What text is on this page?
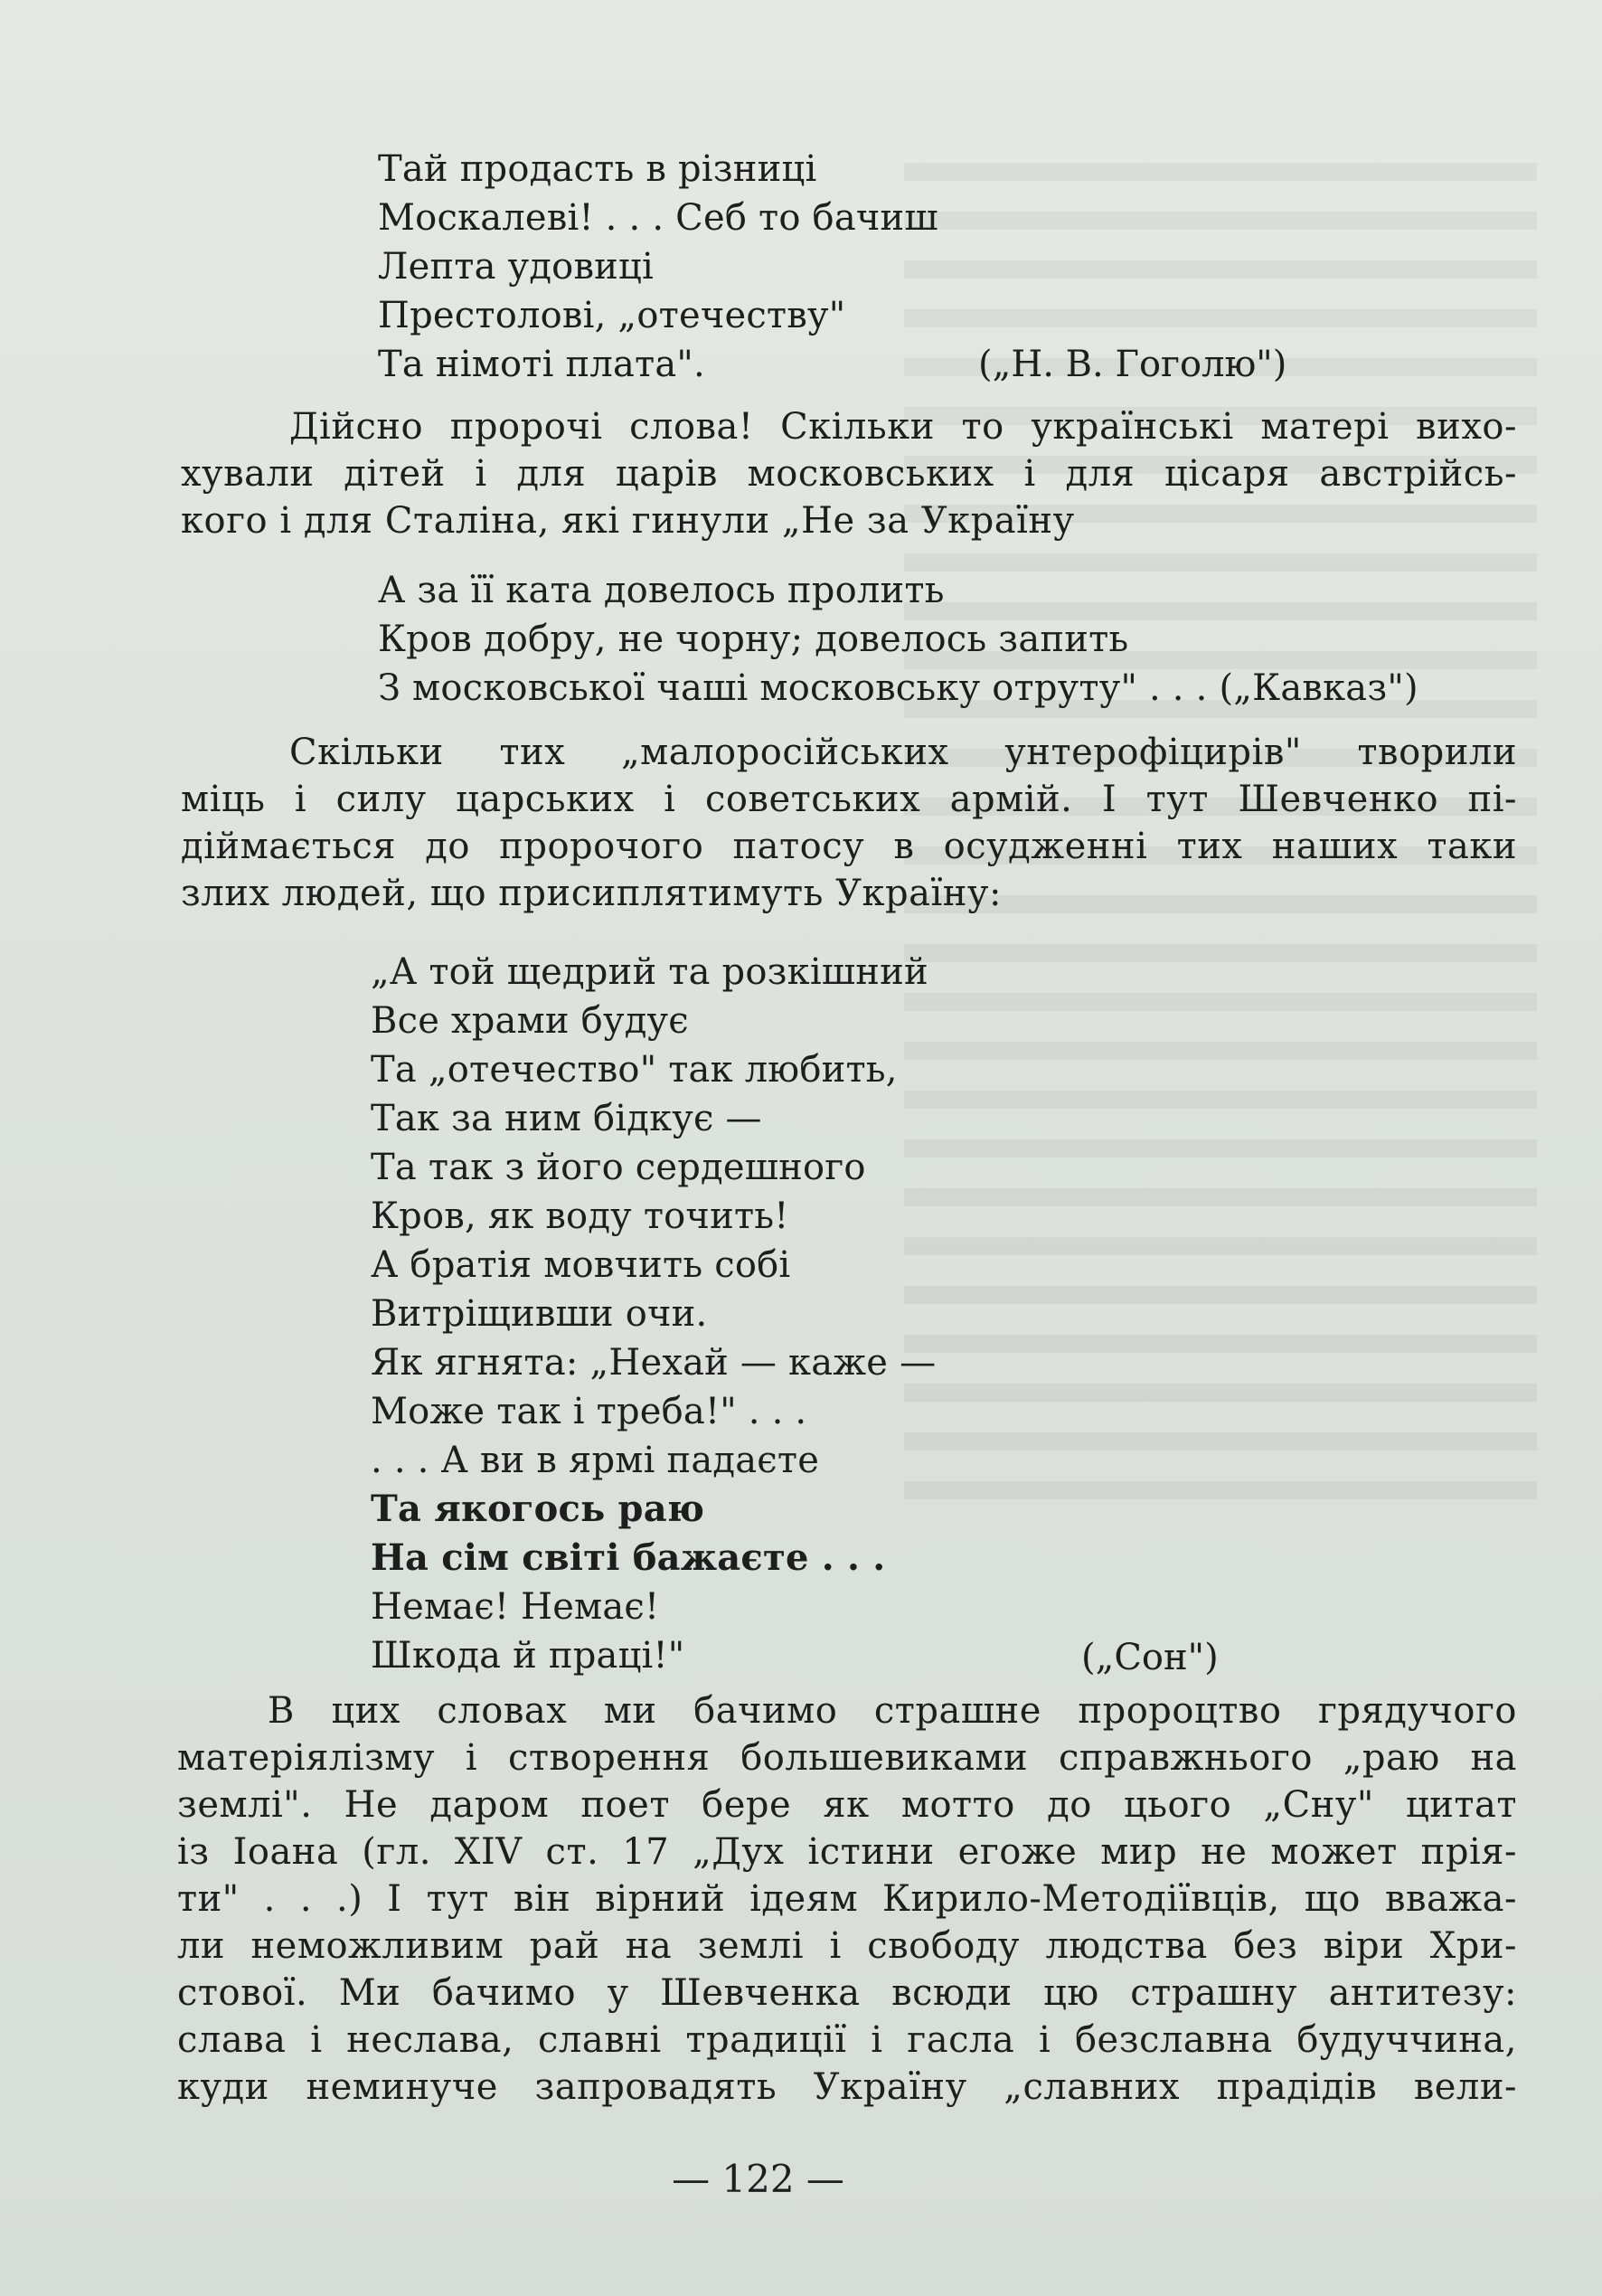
Тай продасть в різниці
Москалеві! . . . Себ то бачиш
Лепта удовиці
Престолові, „отечеству"
Та німоті плата".	(„Н. В. Гоголю")
Дійсно пророчі слова! Скільки то українські матері вихо-
хували дітей і для царів московських і для цісаря австрійсь-
кого і для Сталіна, які гинули „Не за Україну
А за її ката довелось пролить
Кров добру, не чорну; довелось запить
З московської чаші московську отруту" . . . („Кавказ")
Скільки тих „малоросійських унтерофіцирів" творили
міць і силу царських і советських армій. І тут Шевченко пі-
діймається до пророчого патосу в осудженні тих наших таки
злих людей, що присиплятимуть Україну:
„А той щедрий та розкішний
Все храми будує
Та „отечество" так любить,
Так за ним бідкує —
Та так з його сердешного
Кров, як воду точить!
А братія мовчить собі
Витріщивши очи.
Як ягнята: „Нехай — каже —
Може так і треба!" . . .
. . . А ви в ярмі падаєте
Та якогось раю
На сім світі бажаєте . . .
Немає! Немає!
Шкода й праці!"	(„Сон")
В цих словах ми бачимо страшне пророцтво грядучого
матеріялізму і створення большевиками справжнього „раю на
землі". Не даром поет бере як мотто до цього „Сну" цитат
із Іоана (гл. XIV ст. 17 „Дух істини егоже мир не может прія-
ти" . . .) І тут він вірний ідеям Кирило-Методіївців, що вважа-
ли неможливим рай на землі і свободу людства без віри Хри-
стової. Ми бачимо у Шевченка всюди цю страшну антитезу:
слава і неслава, славні традиції і гасла і безславна будуччина,
куди неминуче запровадять Україну „славних прадідів вели-
— 122 —
